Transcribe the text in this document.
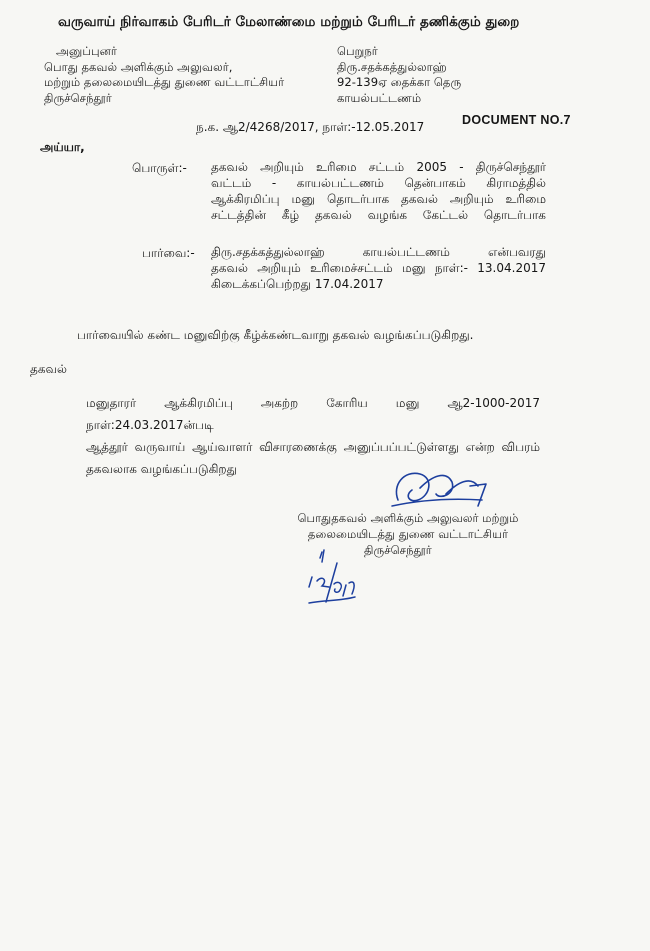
வருவாய் நிர்வாகம் பேரிடர் மேலாண்மை மற்றும் பேரிடர் தணிக்கும் துறை
அனுப்புனர்
பொது தகவல் அளிக்கும் அலுவலர்,
மற்றும் தலைமையிடத்து துணை வட்டாட்சியர்
திருச்செந்தூர்
பெறுநர்
திரு.சதக்கத்துல்லாஹ்
92-139ஏ தைக்கா தெரு
காயல்பட்டணம்
ந.க. ஆ2/4268/2017, நாள்:-12.05.2017	DOCUMENT NO.7
அய்யா,
பொருள்:- தகவல் அறியும் உரிமை சட்டம் 2005 - திருச்செந்தூர்
வட்டம் - காயல்பட்டணம் தென்பாகம் கிராமத்தில்
ஆக்கிரமிப்பு மனு தொடர்பாக தகவல் அறியும் உரிமை
சட்டத்தின் கீழ் தகவல் வழங்க கேட்டல் தொடர்பாக
பார்வை:- திரு.சதக்கத்துல்லாஹ் காயல்பட்டணம் என்பவரது
தகவல் அறியும் உரிமைச்சட்டம் மனு நாள்:- 13.04.2017
கிடைக்கப்பெற்றது 17.04.2017
பார்வையில் கண்ட மனுவிற்கு கீழ்க்கண்டவாறு தகவல் வழங்கப்படுகிறது.
தகவல்
மனுதாரர் ஆக்கிரமிப்பு அகற்ற கோரிய மனு ஆ2-1000-2017 நாள்:24.03.2017ன்படி
ஆத்தூர் வருவாய் ஆய்வாளர் விசாரணைக்கு அனுப்பப்பட்டுள்ளது என்ற விபரம்
தகவலாக வழங்கப்படுகிறது
பொதுதகவல் அளிக்கும் அலுவலர் மற்றும்
தலைமையிடத்து துணை வட்டாட்சியர்
திருச்செந்தூர்
